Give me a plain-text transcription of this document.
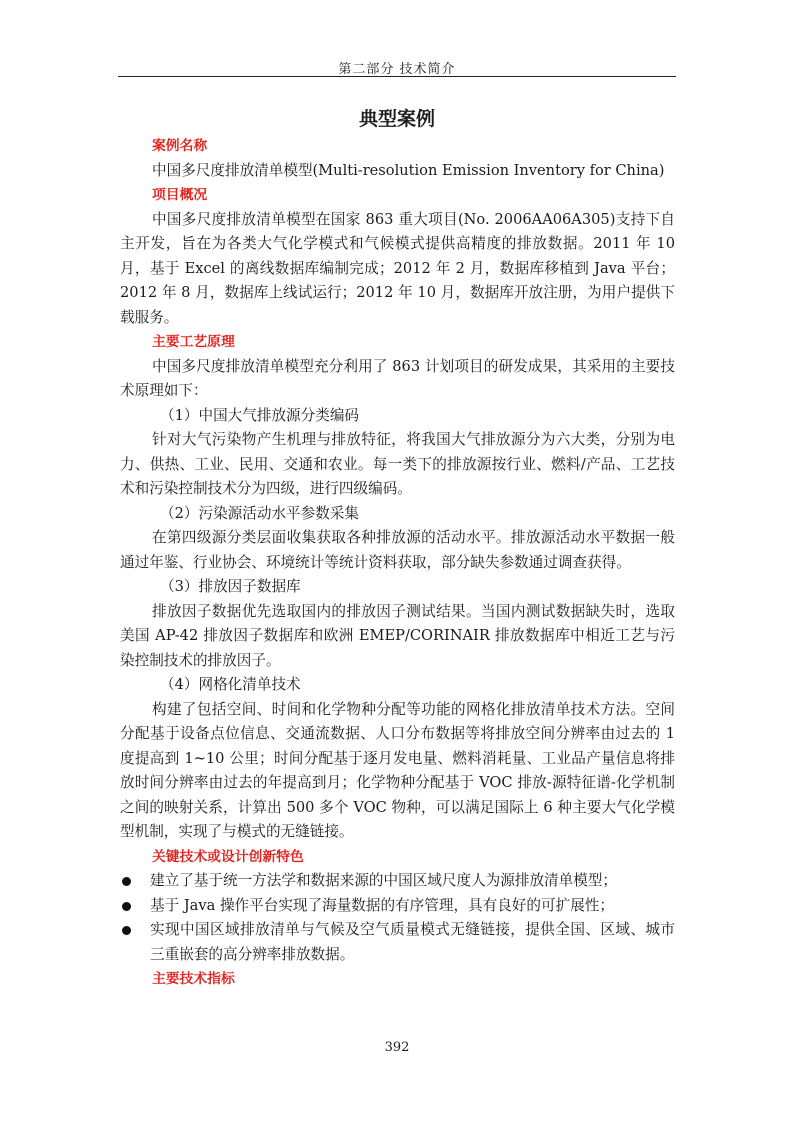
第二部分 技术简介
典型案例
案例名称
中国多尺度排放清单模型(Multi-resolution Emission Inventory for China)
项目概况
中国多尺度排放清单模型在国家 863 重大项目(No. 2006AA06A305)支持下自主开发，旨在为各类大气化学模式和气候模式提供高精度的排放数据。2011 年 10 月，基于 Excel 的离线数据库编制完成；2012 年 2 月，数据库移植到 Java 平台；2012 年 8 月，数据库上线试运行；2012 年 10 月，数据库开放注册，为用户提供下载服务。
主要工艺原理
中国多尺度排放清单模型充分利用了 863 计划项目的研发成果，其采用的主要技术原理如下：
（1）中国大气排放源分类编码
针对大气污染物产生机理与排放特征，将我国大气排放源分为六大类，分别为电力、供热、工业、民用、交通和农业。每一类下的排放源按行业、燃料/产品、工艺技术和污染控制技术分为四级，进行四级编码。
（2）污染源活动水平参数采集
在第四级源分类层面收集获取各种排放源的活动水平。排放源活动水平数据一般通过年鉴、行业协会、环境统计等统计资料获取，部分缺失参数通过调查获得。
（3）排放因子数据库
排放因子数据优先选取国内的排放因子测试结果。当国内测试数据缺失时，选取美国 AP-42 排放因子数据库和欧洲 EMEP/CORINAIR 排放数据库中相近工艺与污染控制技术的排放因子。
（4）网格化清单技术
构建了包括空间、时间和化学物种分配等功能的网格化排放清单技术方法。空间分配基于设备点位信息、交通流数据、人口分布数据等将排放空间分辨率由过去的 1 度提高到 1~10 公里；时间分配基于逐月发电量、燃料消耗量、工业品产量信息将排放时间分辨率由过去的年提高到月；化学物种分配基于 VOC 排放-源特征谱-化学机制之间的映射关系，计算出 500 多个 VOC 物种，可以满足国际上 6 种主要大气化学模型机制，实现了与模式的无缝链接。
关键技术或设计创新特色
建立了基于统一方法学和数据来源的中国区域尺度人为源排放清单模型；
基于 Java 操作平台实现了海量数据的有序管理，具有良好的可扩展性；
实现中国区域排放清单与气候及空气质量模式无缝链接，提供全国、区域、城市三重嵌套的高分辨率排放数据。
主要技术指标
392
